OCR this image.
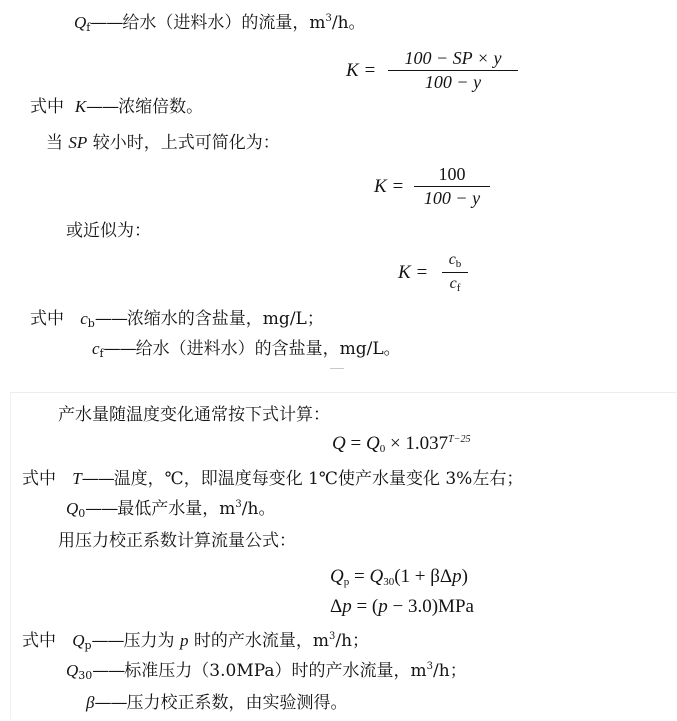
$Q_f——$给水（进料水）的流量，$m^3/h$。
K =
100 − SP × y
100 − y
式中 K——浓缩倍数。
当 SP 较小时，上式可简化为：
K =
100
100 − y
或近似为：
K =
$c_b$
$c_f$
式中 $c_b——$浓缩水的含盐量，mg/L；
$c_f——$给水（进料水）的含盐量，mg/L。
产水量随温度变化通常按下式计算：
$Q = Q_0 \times 1.037^{T-25}$
式中 T——温度，℃，即温度每变化 1℃使产水量变化 3%左右；
$Q_0——$最低产水量，$m^3/h$。
用压力校正系数计算流量公式：
$Q_p = Q_{30}(1 + \beta\Delta p)$
Δp = (p − 3.0)MPa
式中 $Q_p——$压力为 p 时的产水流量，$m^3/h$；
$Q_{30}——$标准压力（3.0MPa）时的产水流量，$m^3/h$；
β——压力校正系数，由实验测得。
